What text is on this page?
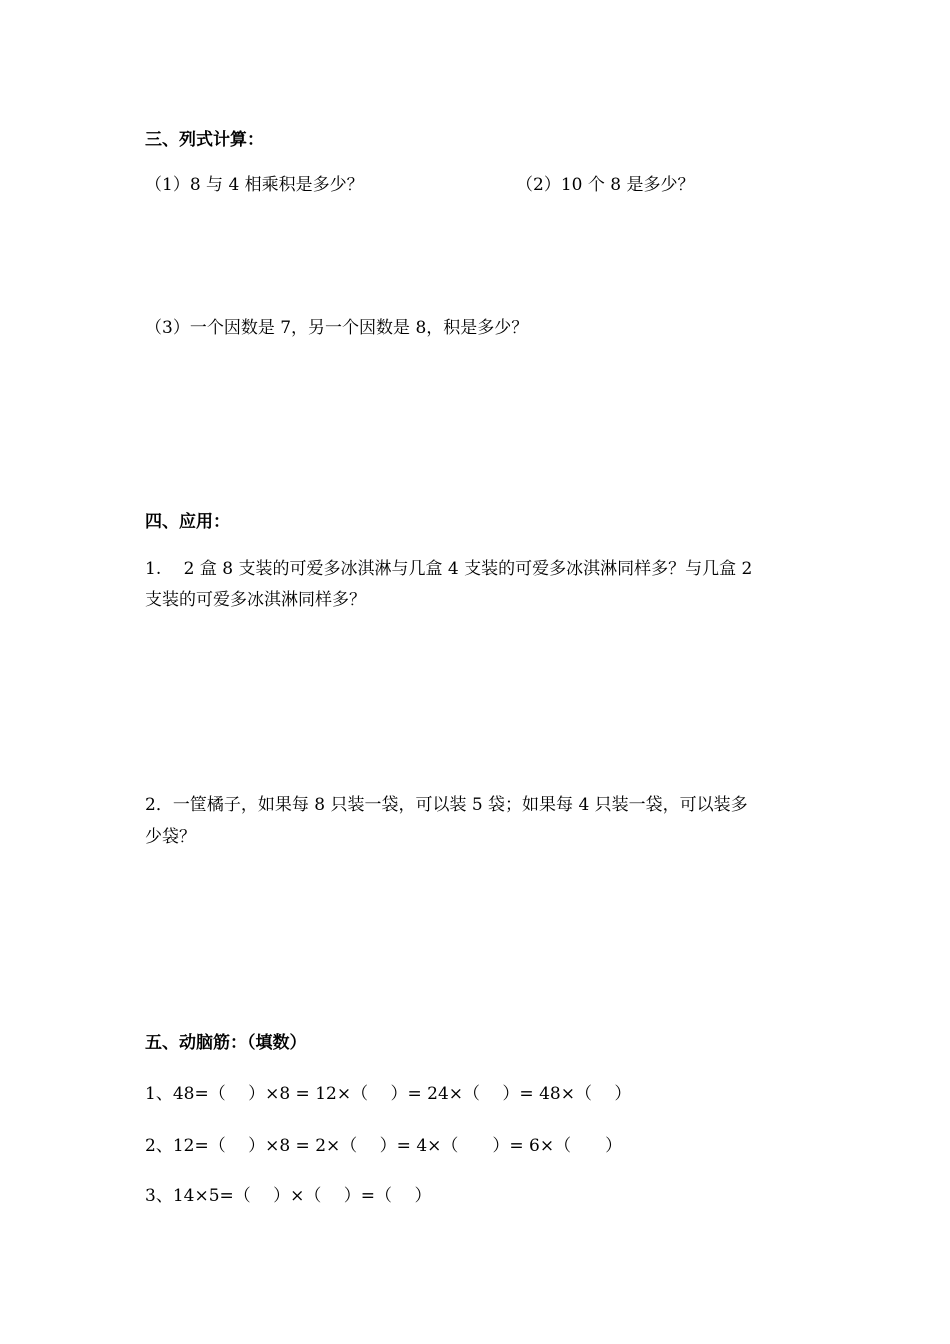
三、列式计算：
（1）8 与 4 相乘积是多少？	（2）10 个 8 是多少？
（3）一个因数是 7，另一个因数是 8，积是多少？
四、应用：
1.　 2 盒 8 支装的可爱多冰淇淋与几盒 4 支装的可爱多冰淇淋同样多？与几盒 2
支装的可爱多冰淇淋同样多？
2．一筐橘子，如果每 8 只装一袋，可以装 5 袋；如果每 4 只装一袋，可以装多
少袋？
五、动脑筋：（填数）
1、48=（　 ）×8 = 12×（　 ）= 24×（　 ）= 48×（　 ）
2、12=（　 ）×8 = 2×（　 ）= 4×（　　）= 6×（　　）
3、14×5=（　 ）×（　 ）=（　 ）
